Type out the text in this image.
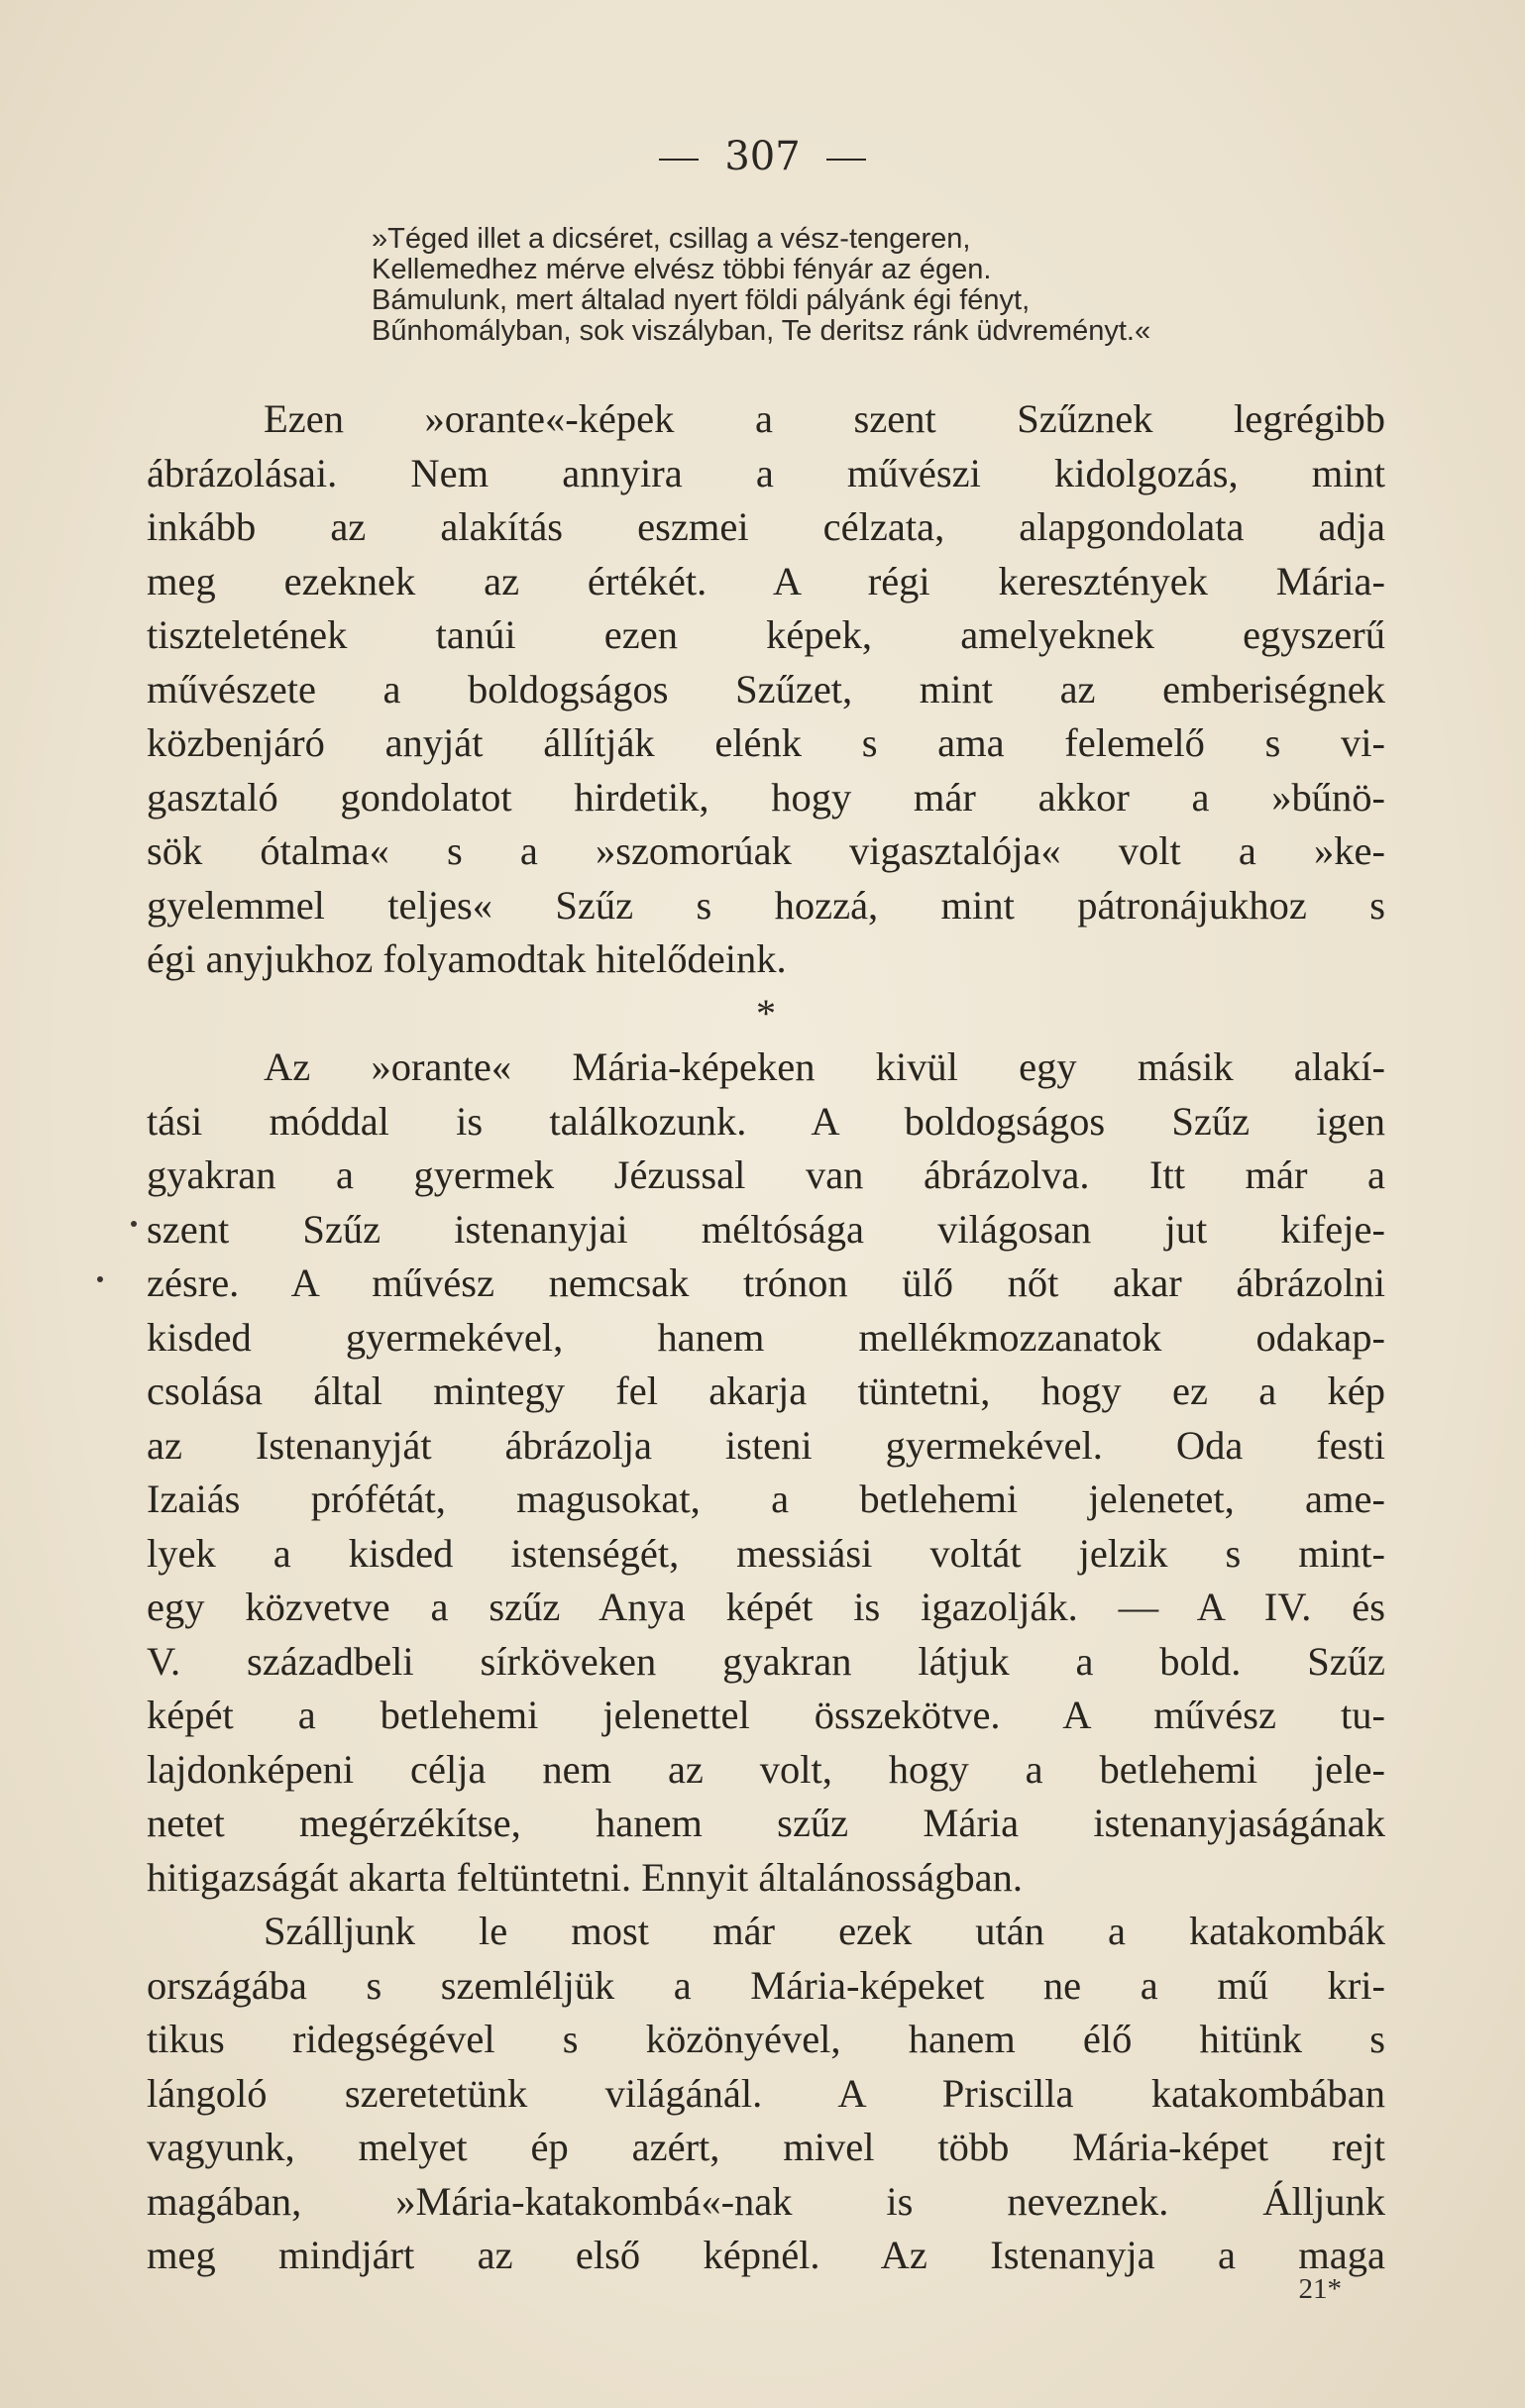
307
»Téged illet a dicséret, csillag a vész-tengeren,
Kellemedhez mérve elvész többi fényár az égen.
Bámulunk, mert általad nyert földi pályánk égi fényt,
Bűnhomályban, sok viszályban, Te deritsz ránk üdvreményt.«
Ezen »orante«-képek a szent Szűznek legrégibb
ábrázolásai. Nem annyira a művészi kidolgozás, mint
inkább az alakítás eszmei célzata, alapgondolata adja
meg ezeknek az értékét. A régi keresztények Mária-
tiszteletének tanúi ezen képek, amelyeknek egyszerű
művészete a boldogságos Szűzet, mint az emberiségnek
közbenjáró anyját állítják elénk s ama felemelő s vi-
gasztaló gondolatot hirdetik, hogy már akkor a »bűnö-
sök ótalma« s a »szomorúak vigasztalója« volt a »ke-
gyelemmel teljes« Szűz s hozzá, mint pátronájukhoz s
égi anyjukhoz folyamodtak hitelődeink.
*
Az »orante« Mária-képeken kivül egy másik alakí-
tási móddal is találkozunk. A boldogságos Szűz igen
gyakran a gyermek Jézussal van ábrázolva. Itt már a
szent Szűz istenanyjai méltósága világosan jut kifeje-
zésre. A művész nemcsak trónon ülő nőt akar ábrázolni
kisded gyermekével, hanem mellékmozzanatok odakap-
csolása által mintegy fel akarja tüntetni, hogy ez a kép
az Istenanyját ábrázolja isteni gyermekével. Oda festi
Izaiás prófétát, magusokat, a betlehemi jelenetet, ame-
lyek a kisded istenségét, messiási voltát jelzik s mint-
egy közvetve a szűz Anya képét is igazolják. — A IV. és
V. századbeli sírköveken gyakran látjuk a bold. Szűz
képét a betlehemi jelenettel összekötve. A művész tu-
lajdonképeni célja nem az volt, hogy a betlehemi jele-
netet megérzékítse, hanem szűz Mária istenanyjaságának
hitigazságát akarta feltüntetni. Ennyit általánosságban.
Szálljunk le most már ezek után a katakombák
országába s szemléljük a Mária-képeket ne a mű kri-
tikus ridegségével s közönyével, hanem élő hitünk s
lángoló szeretetünk világánál. A Priscilla katakombában
vagyunk, melyet ép azért, mivel több Mária-képet rejt
magában, »Mária-katakombá«-nak is neveznek. Álljunk
meg mindjárt az első képnél. Az Istenanyja a maga
21*
